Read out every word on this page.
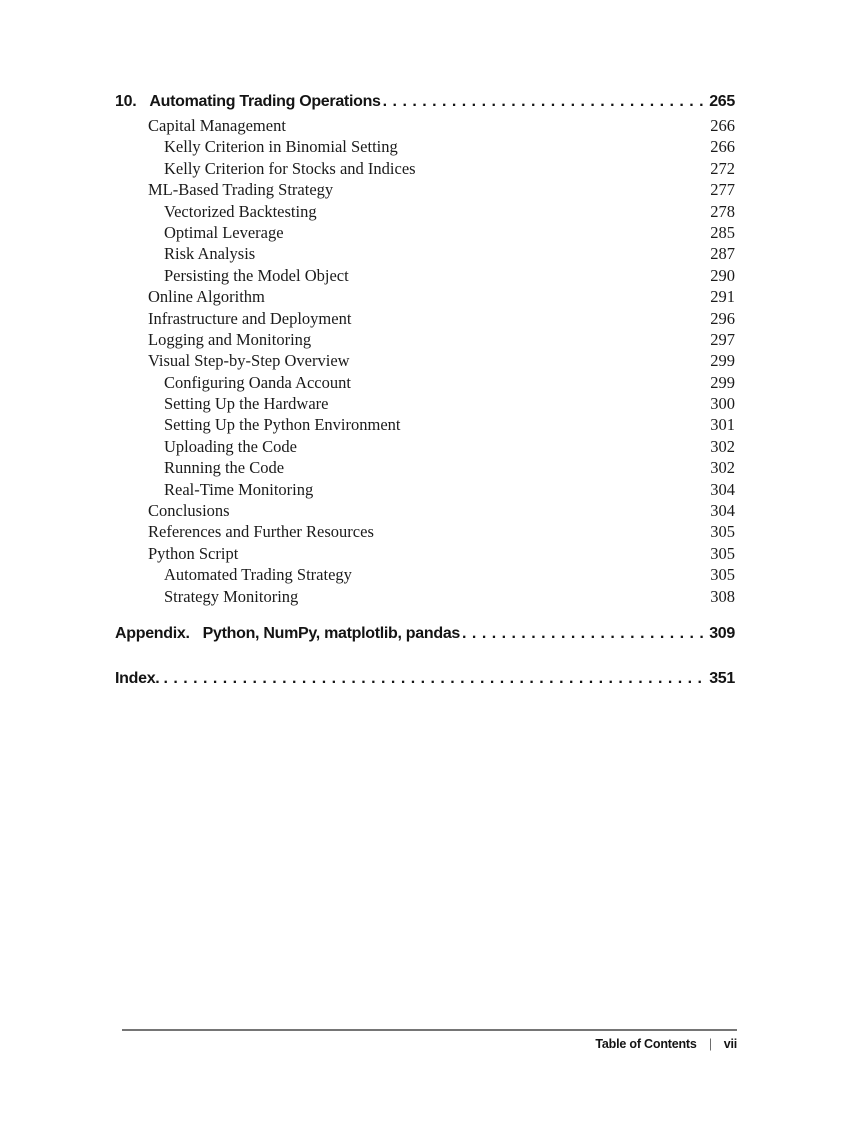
10. Automating Trading Operations . . .	265
Capital Management	266
Kelly Criterion in Binomial Setting	266
Kelly Criterion for Stocks and Indices	272
ML-Based Trading Strategy	277
Vectorized Backtesting	278
Optimal Leverage	285
Risk Analysis	287
Persisting the Model Object	290
Online Algorithm	291
Infrastructure and Deployment	296
Logging and Monitoring	297
Visual Step-by-Step Overview	299
Configuring Oanda Account	299
Setting Up the Hardware	300
Setting Up the Python Environment	301
Uploading the Code	302
Running the Code	302
Real-Time Monitoring	304
Conclusions	304
References and Further Resources	305
Python Script	305
Automated Trading Strategy	305
Strategy Monitoring	308
Appendix. Python, NumPy, matplotlib, pandas . . .	309
Index. . . .	351
Table of Contents | vii
